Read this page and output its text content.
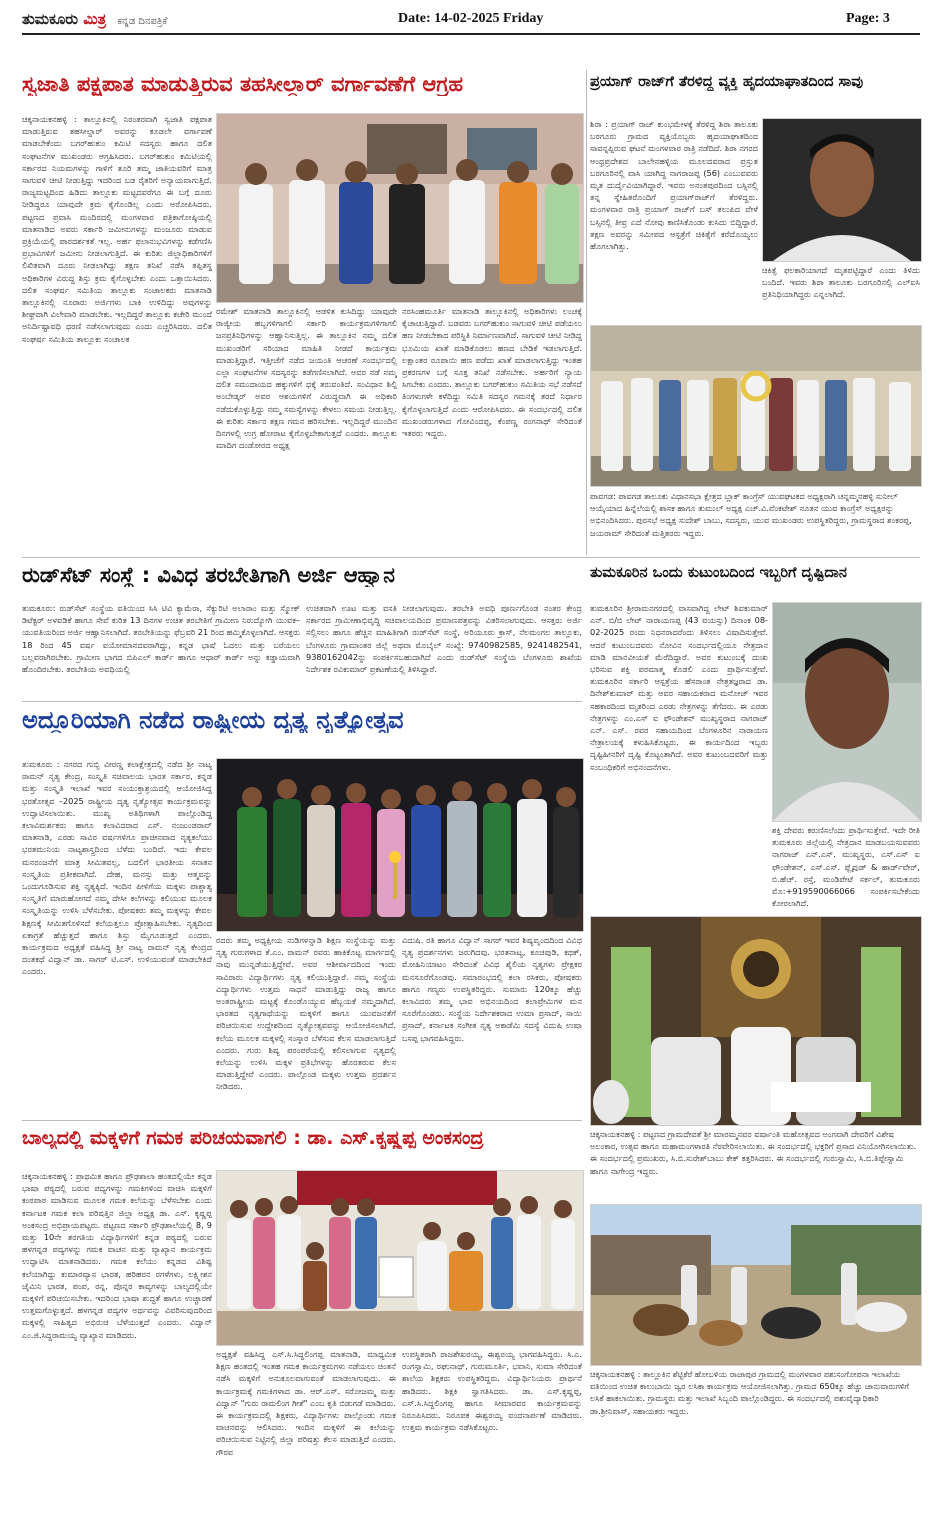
ತುಮಕೂರು ಮಿತ್ರ ಕನ್ನಡ ದಿನಪತ್ರಿಕೆ	Date: 14-02-2025 Friday	Page: 3
ಸ್ವಜಾತಿ ಪಕ್ಷಪಾತ ಮಾಡುತ್ತಿರುವ ತಹಸೀಲ್ದಾರ್ ವರ್ಗಾವಣೆಗೆ ಆಗ್ರಹ
ಚಿಕ್ಕನಾಯಕನಹಳ್ಳಿ : ತಾಲ್ಲೂಕಿನಲ್ಲಿ ನಿರಂತರವಾಗಿ ಸ್ವಜಾತಿ ಪಕ್ಷಪಾತ ಮಾಡುತ್ತಿರುವ ತಹಸೀಲ್ದಾರ್ ಅವರನ್ನು ಕೂಡಲೇ ವರ್ಗಾವಣೆ ಮಾಡಬೇಕೆಂದು ಬಗರ್‌ಹುಕುಂ ಕಮಿಟಿ ಸದಸ್ಯರು ಹಾಗೂ ದಲಿತ ಸಂಘಟನೆಗಳ ಮುಖಂಡರು ಆಗ್ರಹಿಸಿದರು. ಬಗರ್‌ಹುಕುಂ ಕಮಿಟಿಯಲ್ಲಿ ಸರ್ಕಾರದ ನಿಯಮಗಳನ್ನು ಗಾಳಿಗೆ ತೂರಿ ತಮ್ಮ ಜಾತಿಯವರಿಗೆ ಮಾತ್ರ ಸಾಗುವಳಿ ಚೀಟಿ ನೀಡುತ್ತಿದ್ದು ಇದರಿಂದ ಬಡ ರೈತರಿಗೆ ಅನ್ಯಾಯವಾಗುತ್ತಿದೆ. ರಾಜ್ಯಮಟ್ಟದಿಂದ ಹಿಡಿದು ತಾಲ್ಲೂಕು ಮಟ್ಟದವರೆಗೂ ಈ ಬಗ್ಗೆ ದೂರು ನೀಡಿದ್ದರೂ ಯಾವುದೇ ಕ್ರಮ ಕೈಗೊಂಡಿಲ್ಲ ಎಂದು ಆರೋಪಿಸಿದರು. ಪಟ್ಟಣದ ಪ್ರವಾಸಿ ಮಂದಿರದಲ್ಲಿ ಮಂಗಳವಾರ ಪತ್ರಿಕಾಗೋಷ್ಠಿಯಲ್ಲಿ ಮಾತನಾಡಿದ ಅವರು ಸರ್ಕಾರಿ ಜಮೀನುಗಳನ್ನು ಮಂಜೂರು ಮಾಡುವ ಪ್ರಕ್ರಿಯೆಯಲ್ಲಿ ಪಾರದರ್ಶಕತೆ ಇಲ್ಲ. ಅರ್ಹ ಫಲಾನುಭವಿಗಳನ್ನು ಕಡೆಗಣಿಸಿ ಪ್ರಭಾವಿಗಳಿಗೆ ಜಮೀನು ನೀಡಲಾಗುತ್ತಿದೆ. ಈ ಕುರಿತು ಜಿಲ್ಲಾಧಿಕಾರಿಗಳಿಗೆ ಲಿಖಿತವಾಗಿ ದೂರು ನೀಡಲಾಗಿದ್ದು ತಕ್ಷಣ ತನಿಖೆ ನಡೆಸಿ ತಪ್ಪಿತಸ್ಥ ಅಧಿಕಾರಿಗಳ ವಿರುದ್ಧ ಶಿಸ್ತು ಕ್ರಮ ಕೈಗೊಳ್ಳಬೇಕು ಎಂದು ಒತ್ತಾಯಿಸಿದರು. ದಲಿತ ಸಂಘರ್ಷ ಸಮಿತಿಯ ತಾಲ್ಲೂಕು ಸಂಚಾಲಕರು ಮಾತನಾಡಿ ತಾಲ್ಲೂಕಿನಲ್ಲಿ ನೂರಾರು ಅರ್ಜಿಗಳು ಬಾಕಿ ಉಳಿದಿದ್ದು ಅವುಗಳನ್ನು ಶೀಘ್ರವಾಗಿ ವಿಲೇವಾರಿ ಮಾಡಬೇಕು. ಇಲ್ಲದಿದ್ದರೆ ತಾಲ್ಲೂಕು ಕಚೇರಿ ಮುಂದೆ ಅನಿರ್ದಿಷ್ಟಾವಧಿ ಧರಣಿ ನಡೆಸಲಾಗುವುದು ಎಂದು ಎಚ್ಚರಿಸಿದರು. ದಲಿತ ಸಂಘರ್ಷ ಸಮಿತಿಯ ತಾಲ್ಲೂಕು ಸಂಚಾಲಕ
ರಮೇಶ್ ಮಾತನಾಡಿ ತಾಲ್ಲೂಕಿನಲ್ಲಿ ಆಡಳಿತ ಕುಸಿದಿದ್ದು ಯಾವುದೇ ರಾಜ್ಯೀಯ ಹಬ್ಬಗಳಿಗಾಗಲಿ ಸರ್ಕಾರಿ ಕಾರ್ಯಕ್ರಮಗಳಿಗಾಗಲಿ ಜನಪ್ರತಿನಿಧಿಗಳನ್ನು ಆಹ್ವಾನಿಸುತ್ತಿಲ್ಲ. ಈ ತಾಲ್ಲೂಕಿನ ನಮ್ಮ ದಲಿತ ಮುಖಂಡರಿಗೆ ಸರಿಯಾದ ಮಾಹಿತಿ ನೀಡದೆ ಕಾರ್ಯಕ್ರಮ ಮಾಡುತ್ತಿದ್ದಾರೆ. ಇತ್ತೀಚೆಗೆ ನಡೆದ ಜಯಂತಿ ಆಚರಣೆ ಸಂದರ್ಭದಲ್ಲಿ ಎಲ್ಲಾ ಸಂಘಟನೆಗಳ ಸದಸ್ಯರನ್ನು ಕಡೆಗಣಿಸಲಾಗಿದೆ. ಅವರ ನಡೆ ನಮ್ಮ ದಲಿತ ಸಮುದಾಯದ ಹಕ್ಕುಗಳಿಗೆ ಧಕ್ಕೆ ತರುವಂತಿದೆ. ಸಂವಿಧಾನ ಶಿಲ್ಪಿ ಅಂಬೇಡ್ಕರ್ ಅವರ ಆಶಯಗಳಿಗೆ ವಿರುದ್ಧವಾಗಿ ಈ ಅಧಿಕಾರಿ ನಡೆದುಕೊಳ್ಳುತ್ತಿದ್ದು ನಮ್ಮ ಸಮಸ್ಯೆಗಳನ್ನು ಕೇಳಲು ಸಮಯ ನೀಡುತ್ತಿಲ್ಲ. ಈ ಕುರಿತು ಸರ್ಕಾರ ತಕ್ಷಣ ಗಮನ ಹರಿಸಬೇಕು. ಇಲ್ಲದಿದ್ದರೆ ಮುಂದಿನ ದಿನಗಳಲ್ಲಿ ಉಗ್ರ ಹೋರಾಟ ಕೈಗೊಳ್ಳಬೇಕಾಗುತ್ತದೆ ಎಂದರು. ತಾಲ್ಲೂಕು ಮಾದಿಗ ದಂಡೋರದ ಅಧ್ಯಕ್ಷ
ನರಸಿಂಹಮೂರ್ತಿ ಮಾತನಾಡಿ ತಾಲ್ಲೂಕಿನಲ್ಲಿ ಅಧಿಕಾರಿಗಳು ಲಂಚಕ್ಕೆ ಕೈಚಾಚುತ್ತಿದ್ದಾರೆ. ಬಡವರು ಬಗರ್‌ಹುಕುಂ ಸಾಗುವಳಿ ಚೀಟಿ ಪಡೆಯಲು ಹಣ ನೀಡಬೇಕಾದ ಪರಿಸ್ಥಿತಿ ನಿರ್ಮಾಣವಾಗಿದೆ. ಸಾಗುವಳಿ ಚೀಟಿ ನೀಡಿದ್ದ ಭೂಮಿಯ ಖಾತೆ ಮಾಡಿಕೊಡಲು ಹಣದ ಬೇಡಿಕೆ ಇಡಲಾಗುತ್ತಿದೆ. ಲಕ್ಷಾಂತರ ರೂಪಾಯಿ ಹಣ ಪಡೆದು ಖಾತೆ ಮಾಡಲಾಗುತ್ತಿದ್ದು ಇಂತಹ ಪ್ರಕರಣಗಳ ಬಗ್ಗೆ ಸೂಕ್ತ ತನಿಖೆ ನಡೆಸಬೇಕು. ಅರ್ಹರಿಗೆ ನ್ಯಾಯ ಸಿಗಬೇಕು ಎಂದರು. ತಾಲ್ಲೂಕು ಬಗರ್‌ಹುಕುಂ ಸಮಿತಿಯ ಸಭೆ ನಡೆಸದೆ ತಿಂಗಳುಗಳೇ ಕಳೆದಿದ್ದು ಸಮಿತಿ ಸದಸ್ಯರ ಗಮನಕ್ಕೆ ತರದೆ ನಿರ್ಧಾರ ಕೈಗೊಳ್ಳಲಾಗುತ್ತಿದೆ ಎಂದು ಆರೋಪಿಸಿದರು. ಈ ಸಂದರ್ಭದಲ್ಲಿ ದಲಿತ ಮುಖಂಡರುಗಳಾದ ಗೋವಿಂದಪ್ಪ, ಕೆಂಪಣ್ಣ ರಂಗನಾಥ್ ಸೇರಿದಂತೆ ಇತರರು ಇದ್ದರು.
ಪ್ರಯಾಗ್ ರಾಜ್‌ಗೆ ತೆರಳಿದ್ದ ವ್ಯಕ್ತಿ ಹೃದಯಾಘಾತದಿಂದ ಸಾವು
ಶಿರಾ : ಪ್ರಯಾಗ್ ರಾಜ್ ಕುಂಭಮೇಳಕ್ಕೆ ತೆರಳಿದ್ದ ಶಿರಾ ತಾಲೂಕು ಬರಗೂರು ಗ್ರಾಮದ ವ್ಯಕ್ತಿಯೊಬ್ಬರು ಹೃದಯಾಘಾತದಿಂದ ಸಾವನ್ನಪ್ಪಿರುವ ಘಟನೆ ಮಂಗಳವಾರ ರಾತ್ರಿ ನಡೆದಿದೆ. ಶಿರಾ ನಗರದ ಆಂಧ್ರಪ್ರದೇಶದ ಬಾಲೇನಹಳ್ಳಿಯ ಮೂಲದವರಾದ ಪ್ರಸ್ತುತ ಬರಗೂರಿನಲ್ಲಿ ವಾಸಿ ಯಾಗಿದ್ದ ನಾಗರಾಜಪ್ಪ (56) ಎಂಬುವವರು ಮೃತ ದುರ್ದೈವಿಯಾಗಿದ್ದಾರೆ. ಇವರು ಅನಂತಪುರದಿಂದ ಬಸ್ಸಿನಲ್ಲಿ ತನ್ನ ಸ್ನೇಹಿತರೊಂದಿಗೆ ಪ್ರಯಾಗ್‌ರಾಜ್‌ಗೆ ತೆರಳಿದ್ದರು. ಮಂಗಳವಾರ ರಾತ್ರಿ ಪ್ರಯಾಗ್ ರಾಜ್‌ಗೆ ಬಸ್ ತಲುಪಿದ ವೇಳೆ ಬಸ್ಸಿನಲ್ಲಿ ತೀವ್ರ ಎದೆ ನೋವು ಕಾಣಿಸಿಕೊಂಡು ಕುಸಿದು ಬಿದ್ದಿದ್ದಾರೆ. ತಕ್ಷಣ ಅವರನ್ನು ಸಮೀಪದ ಆಸ್ಪತ್ರೆಗೆ ಚಿಕಿತ್ಸೆಗೆ ಕರೆದೊಯ್ಯಲು ಹೊಗಲಾಗಿತ್ತು.
ಚಿಕಿತ್ಸೆ ಫಲಕಾರಿಯಾಗದೆ ಮೃತಪಟ್ಟಿದ್ದಾರೆ ಎಂದು ತಿಳಿದು ಬಂದಿದೆ. ಇವರು ಶಿರಾ ತಾಲೂಕು ಬರಗೂರಿನಲ್ಲಿ ಎಲ್‌ಐಸಿ ಪ್ರತಿನಿಧಿಯಾಗಿದ್ದರು ಎನ್ನಲಾಗಿದೆ.
ಪಾವಗಡ: ಪಾವಗಡ ತಾಲೂಕು ವಿಧಾನಸಭಾ ಕ್ಷೇತ್ರದ ಬ್ಲಾಕ್ ಕಾಂಗ್ರೆಸ್ ಯುವಘಟಕದ ಅಧ್ಯಕ್ಷರಾಗಿ ಚನ್ನಮ್ಮನಹಳ್ಳಿ ಸುನೀಲ್ ಆಯ್ಕೆಯಾದ ಹಿನ್ನೆಲೆಯಲ್ಲಿ ಶಾಸಕ ಹಾಗೂ ತುಮುಲ್ ಅಧ್ಯಕ್ಷ ಎಚ್.ವಿ.ವೆಂಕಟೇಶ್ ನೂತನ ಯುವ ಕಾಂಗ್ರೆಸ್ ಅಧ್ಯಕ್ಷರನ್ನು ಅಭಿನಂದಿಸಿದರು. ಪುರಸಭೆ ಅಧ್ಯಕ್ಷ ಸುದೇಶ್ ಬಾಬು, ಸದಸ್ಯರು, ಯುವ ಮುಖಂಡರು ಉಪಸ್ಥಿತರಿದ್ದರು, ಗ್ರಾಮಸ್ಥರಾದ ಶಂಕರಪ್ಪ, ಜಯರಾಮ್ ಸೇರಿದಂತೆ ಮತ್ತಿತರರು ಇದ್ದರು.
ರುಡ್‌ಸೆಟ್ ಸಂಸ್ಥೆ : ವಿವಿಧ ತರಬೇತಿಗಾಗಿ ಅರ್ಜಿ ಆಹ್ವಾನ
ತುಮಕೂರು: ರುಡ್‌ಸೆಟ್ ಸಂಸ್ಥೆಯ ವತಿಯಿಂದ ಸಿಸಿ ಟಿವಿ ಕ್ಯಾಮೆರಾ, ಸೆಕ್ಯುರಿಟಿ ಅಲಾರಾಂ ಮತ್ತು ಸ್ಮೋಕ್ ಡಿಟೆಕ್ಟರ್ ಅಳವಡಿಕೆ ಹಾಗೂ ಸೇವೆ ಕುರಿತ 13 ದಿನಗಳ ಉಚಿತ ತರಬೇತಿಗೆ ಗ್ರಾಮೀಣ ನಿರುದ್ಯೋಗಿ ಯುವಕ–ಯುವತಿಯರಿಂದ ಅರ್ಜಿ ಆಹ್ವಾನಿಸಲಾಗಿದೆ. ತರಬೇತಿಯನ್ನು ಫೆಬ್ರವರಿ 21 ರಿಂದ ಹಮ್ಮಿಕೊಳ್ಳಲಾಗಿದೆ. ಆಸಕ್ತರು 18 ರಿಂದ 45 ವರ್ಷ ವಯೋಮಾನದವರಾಗಿದ್ದು, ಕನ್ನಡ ಭಾಷೆ ಓದಲು ಮತ್ತು ಬರೆಯಲು ಬಲ್ಲವರಾಗಿರಬೇಕು. ಗ್ರಾಮೀಣ ಭಾಗದ ಬಿಪಿಎಲ್ ಕಾರ್ಡ್ ಹಾಗೂ ಆಧಾರ್ ಕಾರ್ಡ್ ಅನ್ನು ಕಡ್ಡಾಯವಾಗಿ ಹೊಂದಿರಬೇಕು. ತರಬೇತಿಯ ಅವಧಿಯಲ್ಲಿ
ಉಚಿತವಾಗಿ ಊಟ ಮತ್ತು ವಸತಿ ನೀಡಲಾಗುವುದು. ತರಬೇತಿ ಅವಧಿ ಪೂರ್ಣಗೊಂಡ ನಂತರ ಕೇಂದ್ರ ಸರ್ಕಾರದ ಗ್ರಾಮೀಣಾಭಿವೃದ್ಧಿ ಸಚಿವಾಲಯದಿಂದ ಪ್ರಮಾಣಪತ್ರವನ್ನು ವಿತರಿಸಲಾಗುವುದು. ಆಸಕ್ತರು ಅರ್ಜಿ ಸಲ್ಲಿಸಲು ಹಾಗೂ ಹೆಚ್ಚಿನ ಮಾಹಿತಿಗಾಗಿ ರುಡ್‌ಸೆಟ್ ಸಂಸ್ಥೆ, ಅರಿಯೂರು ಕ್ರಾಸ್, ನೆಲಮಂಗಲ ತಾಲ್ಲೂಕು, ಬೆಂಗಳೂರು ಗ್ರಾಮಾಂತರ ಜಿಲ್ಲೆ ಅಥವಾ ಮೊಬೈಲ್ ಸಂಖ್ಯೆ: 9740982585, 9241482541, 9380162042ನ್ನು ಸಂಪರ್ಕಿಸಬಹುದಾಗಿದೆ ಎಂದು ರುಡ್‌ಸೆಟ್ ಸಂಸ್ಥೆಯ ಬೆಂಗಳೂರು ಶಾಖೆಯ ನಿರ್ದೇಶಕ ರವಿಕುಮಾರ್ ಪ್ರಕಟಣೆಯಲ್ಲಿ ತಿಳಿಸಿದ್ದಾರೆ.
ತುಮಕೂರಿನ ಒಂದು ಕುಟುಂಬದಿಂದ ಇಬ್ಬರಿಗೆ ದೃಷ್ಟಿದಾನ
ತುಮಕೂರಿನ ಶ್ರೀರಾಮನಗರದಲ್ಲಿ ವಾಸವಾಗಿದ್ದ ಲೇಟ್ ಶಿವಕುಮಾರ್ ಎನ್. ಬಿ/ಬಿ ಲೇಟ್ ನಾರಾಯಣಪ್ಪ (43 ವಯಸ್ಸು) ದಿನಾಂಕ 08-02-2025 ರಂದು ನಿಧನರಾದರೆಂದು ತಿಳಿಸಲು ವಿಷಾದಿಸುತ್ತೇವೆ. ಆದರೆ ಕುಟುಂಬದವರು ನೋವಿನ ಸಂದರ್ಭದಲ್ಲಿಯೂ ನೇತ್ರದಾನ ಮಾಡಿ ಮಾನವೀಯತೆ ಮೆರೆದಿದ್ದಾರೆ. ಅವರ ಕುಟುಂಬಕ್ಕೆ ದುಃಖ ಭರಿಸುವ ಶಕ್ತಿ ಪರಮಾತ್ಮ ಕೊಡಲಿ ಎಂದು ಪ್ರಾರ್ಥಿಸುತ್ತೇವೆ. ತುಮಕೂರಿನ ಸರ್ಕಾರಿ ಆಸ್ಪತ್ರೆಯ ಹೆಸರಾಂತ ನೇತ್ರತಜ್ಞರಾದ ಡಾ. ದಿನೇಶ್‌ಕುಮಾರ್ ಮತ್ತು ಅವರ ಸಹಾಯಕರಾದ ಮನೋಜ್ ಇವರ ಸಹಕಾರದಿಂದ ಮೃತರಿಂದ ಎರಡು ನೇತ್ರಗಳನ್ನು ತೆಗೆದರು. ಈ ಎರಡು ನೇತ್ರಗಳನ್ನು ಎಂ.ಎಸ್ ಐ ಫೌಂಡೇಶನ್ ಮುಖ್ಯಸ್ಥರಾದ ನಾಗರಾಜ್ ಎನ್. ಎಸ್. ರವರ ಸಹಾಯದಿಂದ ಬೆಂಗಳೂರಿನ ನಾರಾಯಣ ನೇತ್ರಾಲಯಕ್ಕೆ ಕಳುಹಿಸಿಕೊಟ್ಟರು. ಈ ಕಾರ್ಯದಿಂದ ಇಬ್ಬರು ದೃಷ್ಟಿಹೀನರಿಗೆ ದೃಷ್ಟಿ ಕೊಟ್ಟಂತಾಗಿದೆ. ಅವರ ಕುಟುಂಬದವರಿಗೆ ಮತ್ತು ಸಂಬಂಧಿಕರಿಗೆ ಅಭಿನಂದನೆಗಳು.
ಶಕ್ತಿ ದೇವರು ಕರುಣಿಸಲೆಂದು ಪ್ರಾರ್ಥಿಸುತ್ತೇವೆ. ಇದೇ ರೀತಿ ತುಮಕೂರು ಜಿಲ್ಲೆಯಲ್ಲಿ ನೇತ್ರದಾನ ಮಾಡಬಯಸುವವರು ನಾಗರಾಜ್ ಎನ್.ಎಸ್. ಮುಖ್ಯಸ್ಥರು, ಎಸ್.ಎಸ್ ಐ ಫೌಂಡೇಶನ್, ಎಸ್.ಎಸ್. ಫ್ಲೈವುಡ್ & ಹಾರ್ಡ್‌ವೇರ್, ಬಿ.ಹೆಚ್. ರಸ್ತೆ, ಮಂಡಿಪೇಟೆ ಸರ್ಕಲ್, ತುಮಕೂರು ಮೊ:+919590066066 ಸಂಪರ್ಕಿಸಬೇಕೆಂದು ಕೋರಲಾಗಿದೆ.
ಅದ್ದೂರಿಯಾಗಿ ನಡೆದ ರಾಷ್ಟ್ರೀಯ ದೃತ್ಯ ನೃತ್ಯೋತ್ಸವ
ತುಮಕೂರು : ನಗರದ ಗುಬ್ಬಿ ವೀರಣ್ಣ ಕಲಾಕ್ಷೇತ್ರದಲ್ಲಿ ನಡೆದ ಶ್ರೀ ನಾಟ್ಯ ರಾಮನ್ ನೃತ್ಯ ಕೇಂದ್ರ, ಸಂಸ್ಕೃತಿ ಸಚಿವಾಲಯ ಭಾರತ ಸರ್ಕಾರ, ಕನ್ನಡ ಮತ್ತು ಸಂಸ್ಕೃತಿ ಇಲಾಖೆ ಇವರ ಸಂಯುಕ್ತಾಶ್ರಯದಲ್ಲಿ ಆಯೋಜಿಸಿದ್ದ ಭರತೋತ್ಸವ –2025 ರಾಷ್ಟ್ರೀಯ ದೃತ್ಯ ನೃತ್ಯೋತ್ಸವ ಕಾರ್ಯಕ್ರಮವನ್ನು ಉದ್ಘಾಟಿಸಲಾಯಿತು. ಮುಖ್ಯ ಅತಿಥಿಗಳಾಗಿ ಪಾಲ್ಗೊಂಡಿದ್ದ ಕಲಾವಿಮರ್ಶಕರು ಹಾಗೂ ಕಲಾವಿದರಾದ ಎಸ್. ನಂಜುಂಡರಾವ್ ಮಾತನಾಡಿ, ಎರಡು ಸಾವಿರ ವರ್ಷಗಳಿಗೂ ಪ್ರಾಚೀನವಾದ ನೃತ್ಯಕಲೆಯು ಭರತಮುನಿಯ ನಾಟ್ಯಶಾಸ್ತ್ರದಿಂದ ಬೆಳೆದು ಬಂದಿದೆ. ಇದು ಕೇವಲ ಮನರಂಜನೆಗೆ ಮಾತ್ರ ಸೀಮಿತವಲ್ಲ, ಬದಲಿಗೆ ಭಾರತೀಯ ಸನಾತನ ಸಂಸ್ಕೃತಿಯ ಪ್ರತೀಕವಾಗಿದೆ. ದೇಹ, ಮನಸ್ಸು ಮತ್ತು ಆತ್ಮವನ್ನು ಒಂದುಗೂಡಿಸುವ ಶಕ್ತಿ ನೃತ್ಯಕ್ಕಿದೆ. ಇಂದಿನ ಪೀಳಿಗೆಯ ಮಕ್ಕಳು ಪಾಶ್ಚಾತ್ಯ ಸಂಸ್ಕೃತಿಗೆ ಮಾರುಹೋಗದೆ ನಮ್ಮ ದೇಸೀ ಕಲೆಗಳನ್ನು ಕಲಿಯುವ ಮೂಲಕ ಸಂಸ್ಕೃತಿಯನ್ನು ಉಳಿಸಿ ಬೆಳೆಸಬೇಕು. ಪೋಷಕರು ತಮ್ಮ ಮಕ್ಕಳನ್ನು ಕೇವಲ ಶಿಕ್ಷಣಕ್ಕೆ ಸೀಮಿತಗೊಳಿಸದೆ ಕಲೆಯತ್ತಲೂ ಪ್ರೋತ್ಸಾಹಿಸಬೇಕು. ನೃತ್ಯದಿಂದ ಏಕಾಗ್ರತೆ ಹೆಚ್ಚುತ್ತದೆ ಹಾಗೂ ಶಿಸ್ತು ಮೈಗೂಡುತ್ತದೆ ಎಂದರು. ಕಾರ್ಯಕ್ರಮದ ಅಧ್ಯಕ್ಷತೆ ವಹಿಸಿದ್ದ ಶ್ರೀ ನಾಟ್ಯ ರಾಮನ್ ನೃತ್ಯ ಕೇಂದ್ರದ ದಂತಕಥೆ ವಿದ್ವಾನ್ ಡಾ. ಸಾಗರ್ ಟಿ.ಎಸ್. ಉಳಿಯುವಂತೆ ಮಾಡಬೇಕಿದೆ ಎಂದರು.
ರದರು ತಮ್ಮ ಅಧ್ಯಕ್ಷೀಯ ನುಡಿಗಳನ್ನಾಡಿ ಶಿಕ್ಷಣ ಸಂಸ್ಥೆಯನ್ನು ಮತ್ತು ನೃತ್ಯ ಗುರುಗಳಾದ ಕೆ.ಎಂ. ರಾಮನ್ ರವರು ಹಾಕಿಕೊಟ್ಟ ಮಾರ್ಗದಲ್ಲಿ ನಾವು ಮುನ್ನಡೆಯುತ್ತಿದ್ದೇವೆ. ಅವರ ಆಶೀರ್ವಾದದಿಂದ ಇಂದು ಸಾವಿರಾರು ವಿದ್ಯಾರ್ಥಿಗಳು ನೃತ್ಯ ಕಲಿಯುತ್ತಿದ್ದಾರೆ. ನಮ್ಮ ಸಂಸ್ಥೆಯ ವಿದ್ಯಾರ್ಥಿಗಳು ಉತ್ತಮ ಸಾಧನೆ ಮಾಡುತ್ತಿದ್ದು ರಾಜ್ಯ ಹಾಗೂ ಅಂತರಾಷ್ಟ್ರೀಯ ಮಟ್ಟಕ್ಕೆ ಕೊಂಡೊಯ್ಯುವ ಹೆಬ್ಬಯಕೆ ನಮ್ಮದಾಗಿದೆ. ಭಾರತದ ನೃತ್ಯಗಾಥೆಯನ್ನು ಮಕ್ಕಳಿಗೆ ಹಾಗೂ ಯುವಜನತೆಗೆ ಪರಿಚಯಿಸುವ ಉದ್ದೇಶದಿಂದ ನೃತ್ಯೋತ್ಸವವನ್ನು ಆಯೋಜಿಸಲಾಗಿದೆ. ಕಲೆಯ ಮೂಲಕ ಮಕ್ಕಳಲ್ಲಿ ಸಂಸ್ಕಾರ ಬೆಳೆಸುವ ಕೆಲಸ ಮಾಡಲಾಗುತ್ತಿದೆ ಎಂದರು. ಗುರು ಶಿಷ್ಯ ಪರಂಪರೆಯಲ್ಲಿ ಕಲಿಸಲಾಗುವ ನೃತ್ಯದಲ್ಲಿ ಕಲೆಯನ್ನು ಉಳಿಸಿ ಮಕ್ಕಳ ಪ್ರತಿಭೆಗಳನ್ನು ಹೊರತರುವ ಕೆಲಸ ಮಾಡುತ್ತಿದ್ದೇವೆ ಎಂದರು. ಪಾಲ್ಗೊಂಡ ಮಕ್ಕಳು ಉತ್ತಮ ಪ್ರದರ್ಶನ ನೀಡಿದರು.
ವಿದುಷಿ. ರತಿ ಹಾಗೂ ವಿದ್ವಾನ್ ಸಾಗರ್ ಇವರ ಶಿಷ್ಯವೃಂದದಿಂದ ವಿವಿಧ ನೃತ್ಯ ಪ್ರದರ್ಶನಗಳು ಜರುಗಿದವು. ಭರತನಾಟ್ಯ, ಕೂಚಿಪುಡಿ, ಕಥಕ್, ಮೋಹಿನಿಯಾಟಂ ಸೇರಿದಂತೆ ವಿವಿಧ ಶೈಲಿಯ ನೃತ್ಯಗಳು ಪ್ರೇಕ್ಷಕರ ಮನಸೂರೆಗೊಂಡವು. ಸಮಾರಂಭದಲ್ಲಿ ಕಲಾ ರಸಿಕರು, ಪೋಷಕರು ಹಾಗೂ ಗಣ್ಯರು ಉಪಸ್ಥಿತರಿದ್ದರು. ಸುಮಾರು 120ಕ್ಕೂ ಹೆಚ್ಚು ಕಲಾವಿದರು ತಮ್ಮ ಭಾವ ಅಭಿನಯದಿಂದ ಕಲಾಪ್ರೇಮಿಗಳ ಮನ ಸೂರೆಗೊಂಡರು. ಸಂಸ್ಥೆಯ ನಿರ್ದೇಶಕರಾದ ಉಮಾ ಪ್ರಸಾದ್, ಸಾಯಿ ಪ್ರಸಾದ್, ಕರ್ನಾಟಕ ಸಂಗೀತ ನೃತ್ಯ ಅಕಾಡೆಮಿ ಸದಸ್ಯೆ ವಿದುಷಿ ಉಷಾ ಬಸಪ್ಪ ಭಾಗವಹಿಸಿದ್ದರು.
ಚಿಕ್ಕನಾಯಕನಹಳ್ಳಿ : ಪಟ್ಟಣದ ಗ್ರಾಮದೇವತೆ ಶ್ರೀ ಮಾರಮ್ಮನವರ ವರ್ಷಾಂತಿ ಮಹೋತ್ಸವದ ಅಂಗವಾಗಿ ದೇವರಿಗೆ ವಿಶೇಷ ಅಲಂಕಾರ, ಉತ್ಸವ ಹಾಗೂ ಮಹಾಮಂಗಳಾರತಿ ನೆರವೇರಿಸಲಾಯಿತು. ಈ ಸಂದರ್ಭದಲ್ಲಿ ಭಕ್ತರಿಗೆ ಪ್ರಸಾದ ವಿನಿಯೋಗಿಸಲಾಯಿತು. ಈ ಸಂದರ್ಭದಲ್ಲಿ ಪ್ರಮುಖರು, ಸಿ.ಬಿ.ಸುರೇಶ್‌ಬಾಬು ಕೇಕ್ ಕತ್ತರಿಸಿದರು. ಈ ಸಂದರ್ಭದಲ್ಲಿ ಗುರುಸ್ವಾಮಿ, ಸಿ.ಬಿ.ತಿಪ್ಪೇಸ್ವಾಮಿ ಹಾಗೂ ನಾಗೇಂದ್ರ ಇದ್ದರು.
ಬಾಲ್ಯದಲ್ಲಿ ಮಕ್ಕಳಿಗೆ ಗಮಕ ಪರಿಚಯವಾಗಲಿ : ಡಾ. ಎಸ್.ಕೃಷ್ಣಪ್ಪ ಅಂಕಸಂದ್ರ
ಚಿಕ್ಕನಾಯಕನಹಳ್ಳಿ : ಪ್ರಾಥಮಿಕ ಹಾಗೂ ಪ್ರೌಢಶಾಲಾ ಹಂತದಲ್ಲಿಯೇ ಕನ್ನಡ ಭಾಷಾ ಪಠ್ಯದಲ್ಲಿ ಬರುವ ಪದ್ಯಗಳನ್ನು ಗಮಕಿಗಳಿಂದ ವಾಚಿಸಿ ಮಕ್ಕಳಿಗೆ ಕಂಠಪಾಠ ಮಾಡಿಸುವ ಮೂಲಕ ಗಮಕ ಕಲೆಯನ್ನು ಬೆಳೆಸಬೇಕು ಎಂದು ಕರ್ನಾಟಕ ಗಮಕ ಕಲಾ ಪರಿಷತ್ತಿನ ಜಿಲ್ಲಾ ಅಧ್ಯಕ್ಷ ಡಾ. ಎಸ್. ಕೃಷ್ಣಪ್ಪ ಅಂಕಸಂದ್ರ ಅಭಿಪ್ರಾಯಪಟ್ಟರು. ಪಟ್ಟಣದ ಸರ್ಕಾರಿ ಪ್ರೌಢಶಾಲೆಯಲ್ಲಿ 8, 9 ಮತ್ತು 10ನೇ ತರಗತಿಯ ವಿದ್ಯಾರ್ಥಿಗಳಿಗೆ ಕನ್ನಡ ಪಠ್ಯದಲ್ಲಿ ಬರುವ ಹಳಗನ್ನಡ ಪದ್ಯಗಳನ್ನು ಗಮಕ ವಾಚನ ಮತ್ತು ವ್ಯಾಖ್ಯಾನ ಕಾರ್ಯಕ್ರಮ ಉದ್ಘಾಟಿಸಿ ಮಾತನಾಡಿದರು. ಗಮಕ ಕಲೆಯು ಕನ್ನಡದ ವಿಶಿಷ್ಟ ಕಲೆಯಾಗಿದ್ದು ಕುಮಾರವ್ಯಾಸ ಭಾರತ, ಹರಿಹರನ ರಗಳೆಗಳು, ಲಕ್ಷ್ಮೀಶನ ಜೈಮಿನಿ ಭಾರತ, ಪಂಪ, ರನ್ನ, ಪೊನ್ನರ ಕಾವ್ಯಗಳನ್ನು ಬಾಲ್ಯದಲ್ಲಿಯೇ ಮಕ್ಕಳಿಗೆ ಪರಿಚಯಿಸಬೇಕು. ಇದರಿಂದ ಭಾಷಾ ಶುದ್ಧತೆ ಹಾಗೂ ಉಚ್ಚಾರಣೆ ಉತ್ತಮಗೊಳ್ಳುತ್ತದೆ. ಹಳಗನ್ನಡ ಪದ್ಯಗಳ ಅರ್ಥವನ್ನು ವಿವರಿಸುವುದರಿಂದ ಮಕ್ಕಳಲ್ಲಿ ಸಾಹಿತ್ಯದ ಅಭಿರುಚಿ ಬೆಳೆಯುತ್ತದೆ ಎಂದರು. ವಿದ್ವಾನ್ ಎಂ.ಜಿ.ಸಿದ್ದರಾಮಯ್ಯ ವ್ಯಾಖ್ಯಾನ ಮಾಡಿದರು.
ಅಧ್ಯಕ್ಷತೆ ವಹಿಸಿದ್ದ ಎಸ್.ಸಿ.ಸಿದ್ದಲಿಂಗಪ್ಪ ಮಾತನಾಡಿ, ಮಾಧ್ಯಮಿಕ ಶಿಕ್ಷಣ ಹಂತದಲ್ಲಿ ಇಂತಹ ಗಮಕ ಕಾರ್ಯಕ್ರಮಗಳು ನಡೆಯಲು ಚಿಂತನೆ ನಡೆಸಿ ಮಕ್ಕಳಿಗೆ ಅನುಕೂಲವಾಗುವಂತೆ ಮಾಡಲಾಗುವುದು. ಈ ಕಾರ್ಯಕ್ರಮಕ್ಕೆ ಗಮಕಿಗಳಾದ ಡಾ. ಆರ್.ಎಸ್. ಸರೋಜಮ್ಮ ಮತ್ತು ವಿದ್ವಾನ್ "ಗುರು ರಾಮಲಿಂಗ ಗೀತೆ" ಎಂಬ ಕೃತಿ ಬಿಡುಗಡೆ ಮಾಡಿದರು. ಈ ಕಾರ್ಯಕ್ರಮದಲ್ಲಿ ಶಿಕ್ಷಕರು, ವಿದ್ಯಾರ್ಥಿಗಳು ಪಾಲ್ಗೊಂಡು ಗಮಕ ವಾಚನವನ್ನು ಆಲಿಸಿದರು. ಇಂದಿನ ಮಕ್ಕಳಿಗೆ ಈ ಕಲೆಯನ್ನು ಪರಿಚಯಿಸುವ ನಿಟ್ಟಿನಲ್ಲಿ ಜಿಲ್ಲಾ ಪರಿಷತ್ತು ಕೆಲಸ ಮಾಡುತ್ತಿದೆ ಎಂದರು. ಗೌರವ
ಉಪಸ್ಥಿತರಾಗಿ ರಾಜಶೇಖರಯ್ಯ, ಈಶ್ವರಯ್ಯ ಭಾಗವಹಿಸಿದ್ದರು. ಸಿ.ಎ. ರಂಗಸ್ವಾಮಿ, ರಘುನಾಥ್, ಗುರುಮೂರ್ತಿ, ಭವಾನಿ, ಸುಮಾ ಸೇರಿದಂತೆ ಶಾಲೆಯ ಶಿಕ್ಷಕರು ಉಪಸ್ಥಿತರಿದ್ದರು. ವಿದ್ಯಾರ್ಥಿನಿಯರು ಪ್ರಾರ್ಥನೆ ಹಾಡಿದರು. ಶಿಕ್ಷಕಿ ಸ್ವಾಗತಿಸಿದರು. ಡಾ. ಎಸ್.ಕೃಷ್ಣಪ್ಪ, ಎಸ್.ಸಿ.ಸಿದ್ದಲಿಂಗಪ್ಪ ಹಾಗೂ ಸೀಮಾರವರ ಕಾರ್ಯಕ್ರಮವನ್ನು ನಿರೂಪಿಸಿದರು. ನಿರೂಪಕ ಈಶ್ವರಯ್ಯ ವಂದನಾರ್ಪಣೆ ಮಾಡಿದರು. ಉತ್ತಮ ಕಾರ್ಯಕ್ರಮ ನಡೆಸಿಕೊಟ್ಟರು.
ಚಿಕ್ಕನಾಯಕನಹಳ್ಳಿ : ತಾಲ್ಲೂಕಿನ ಶೆಟ್ಟಿಕೆರೆ ಹೋಬಳಿಯ ರಾಜಾಪುರ ಗ್ರಾಮದಲ್ಲಿ ಮಂಗಳವಾರ ಪಶುಸಂಗೋಪನಾ ಇಲಾಖೆಯ ವತಿಯಿಂದ ಉಚಿತ ಕಾಲುಬಾಯಿ ಜ್ವರ ಲಸಿಕಾ ಕಾರ್ಯಕ್ರಮ ಆಯೋಜಿಸಲಾಗಿತ್ತು. ಗ್ರಾಮದ 650ಕ್ಕೂ ಹೆಚ್ಚು ಜಾನುವಾರುಗಳಿಗೆ ಲಸಿಕೆ ಹಾಕಲಾಯಿತು. ಗ್ರಾಮಸ್ಥರು ಮತ್ತು ಇಲಾಖೆ ಸಿಬ್ಬಂದಿ ಪಾಲ್ಗೊಂಡಿದ್ದರು. ಈ ಸಂದರ್ಭದಲ್ಲಿ ಪಶುವೈದ್ಯಾಧಿಕಾರಿ ಡಾ.ಶ್ರೀನಿವಾಸ್, ಸಹಾಯಕರು ಇದ್ದರು.
